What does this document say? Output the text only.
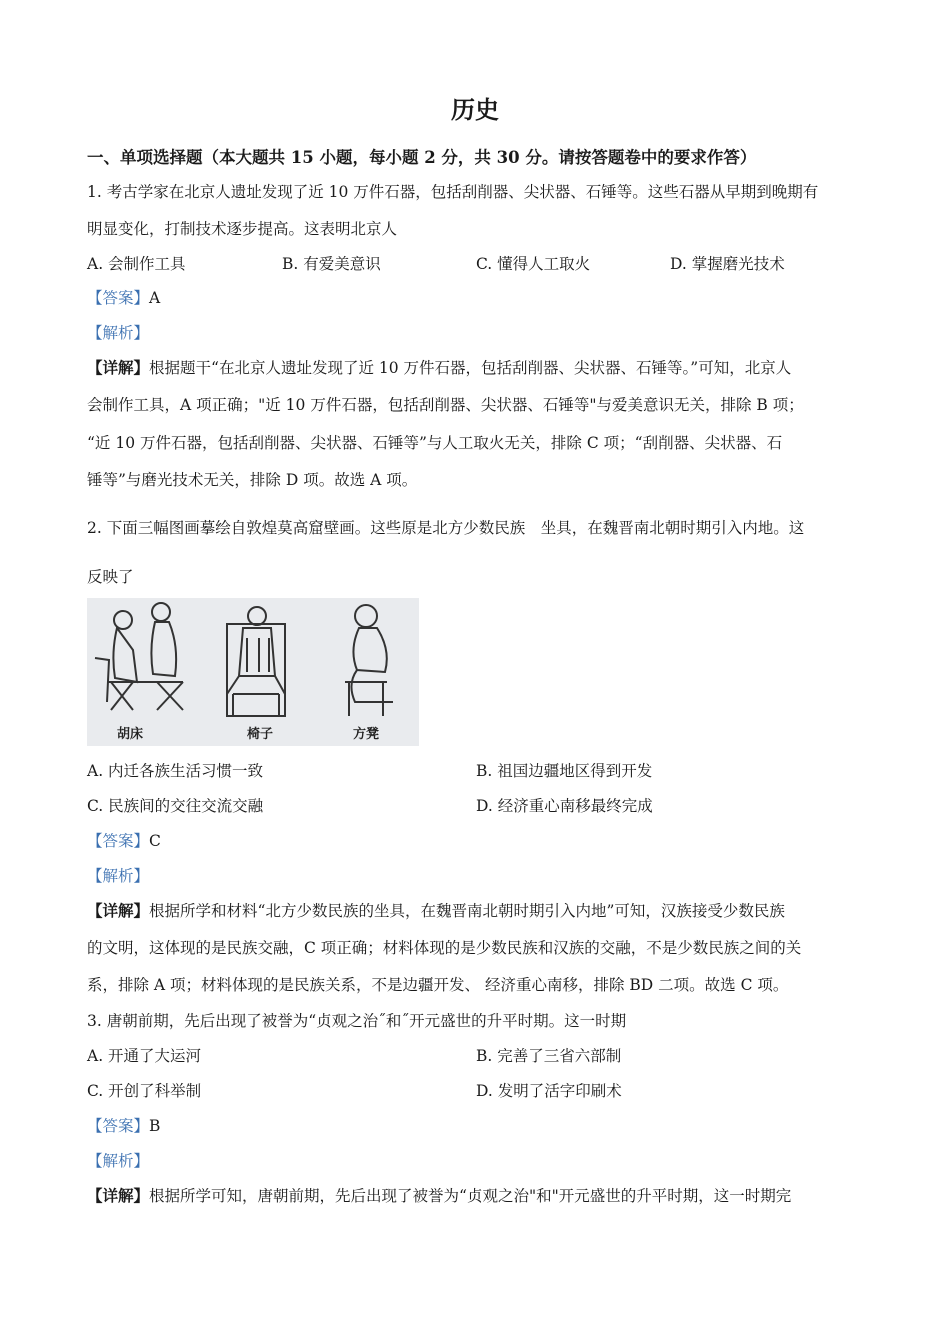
历史
一、单项选择题（本大题共 15 小题，每小题 2 分，共 30 分。请按答题卷中的要求作答）
1. 考古学家在北京人遗址发现了近 10 万件石器，包括刮削器、尖状器、石锤等。这些石器从早期到晚期有
明显变化，打制技术逐步提高。这表明北京人
A. 会制作工具	B. 有爱美意识	C. 懂得人工取火	D. 掌握磨光技术
【答案】A
【解析】
【详解】根据题干“在北京人遗址发现了近 10 万件石器，包括刮削器、尖状器、石锤等。”可知，北京人
会制作工具，A 项正确；"近 10 万件石器，包括刮削器、尖状器、石锤等"与爱美意识无关，排除 B 项；
“近 10 万件石器，包括刮削器、尖状器、石锤等”与人工取火无关，排除 C 项；“刮削器、尖状器、石
锤等”与磨光技术无关，排除 D 项。故选 A 项。
2. 下面三幅图画摹绘自敦煌莫高窟壁画。这些原是北方少数民族　坐具，在魏晋南北朝时期引入内地。这
反映了
胡床	椅子	方凳
A. 内迁各族生活习惯一致	B. 祖国边疆地区得到开发
C. 民族间的交往交流交融	D. 经济重心南移最终完成
【答案】C
【解析】
【详解】根据所学和材料“北方少数民族的坐具，在魏晋南北朝时期引入内地”可知，汉族接受少数民族
的文明，这体现的是民族交融，C 项正确；材料体现的是少数民族和汉族的交融，不是少数民族之间的关
系，排除 A 项；材料体现的是民族关系，不是边疆开发、 经济重心南移，排除 BD 二项。故选 C 项。
3. 唐朝前期，先后出现了被誉为“贞观之治˝和˝开元盛世的升平时期。这一时期
A. 开通了大运河	B. 完善了三省六部制
C. 开创了科举制	D. 发明了活字印刷术
【答案】B
【解析】
【详解】根据所学可知，唐朝前期，先后出现了被誉为“贞观之治"和"开元盛世的升平时期，这一时期完
